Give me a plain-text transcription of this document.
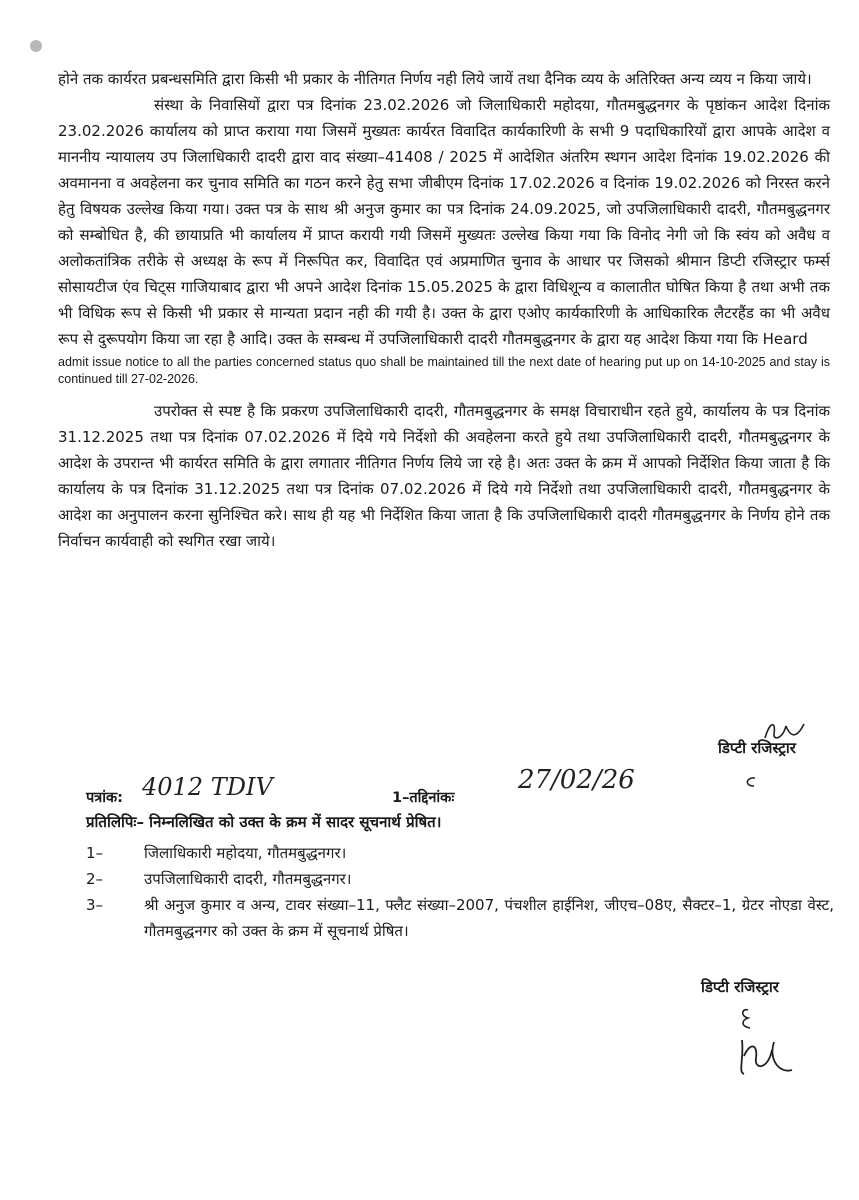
होने तक कार्यरत प्रबन्धसमिति द्वारा किसी भी प्रकार के नीतिगत निर्णय नही लिये जायें तथा दैनिक व्यय के अतिरिक्त अन्य व्यय न किया जाये।

संस्था के निवासियों द्वारा पत्र दिनांक 23.02.2026 जो जिलाधिकारी महोदया, गौतमबुद्धनगर के पृष्ठांकन आदेश दिनांक 23.02.2026 कार्यालय को प्राप्त कराया गया जिसमें मुख्यतः कार्यरत विवादित कार्यकारिणी के सभी 9 पदाधिकारियों द्वारा आपके आदेश व माननीय न्यायालय उप जिलाधिकारी दादरी द्वारा वाद संख्या–41408 / 2025 में आदेशित अंतरिम स्थगन आदेश दिनांक 19.02.2026 की अवमानना व अवहेलना कर चुनाव समिति का गठन करने हेतु सभा जीबीएम दिनांक 17.02.2026 व दिनांक 19.02.2026 को निरस्त करने हेतु विषयक उल्लेख किया गया। उक्त पत्र के साथ श्री अनुज कुमार का पत्र दिनांक 24.09.2025, जो उपजिलाधिकारी दादरी, गौतमबुद्धनगर को सम्बोधित है, की छायाप्रति भी कार्यालय में प्राप्त करायी गयी जिसमें मुख्यतः उल्लेख किया गया कि विनोद नेगी जो कि स्वंय को अवैध व अलोकतांत्रिक तरीके से अध्यक्ष के रूप में निरूपित कर, विवादित एवं अप्रमाणित चुनाव के आधार पर जिसको श्रीमान डिप्टी रजिस्ट्रार फर्म्स सोसायटीज एंव चिट्स गाजियाबाद द्वारा भी अपने आदेश दिनांक 15.05.2025 के द्वारा विधिशून्य व कालातीत घोषित किया है तथा अभी तक भी विधिक रूप से किसी भी प्रकार से मान्यता प्रदान नही की गयी है। उक्त के द्वारा एओए कार्यकारिणी के आधिकारिक लैटरहैंड का भी अवैध रूप से दुरूपयोग किया जा रहा है आदि। उक्त के सम्बन्ध में उपजिलाधिकारी दादरी गौतमबुद्धनगर के द्वारा यह आदेश किया गया कि Heard

admit issue notice to all the parties concerned status quo shall be maintained till the next date of hearing put up on 14-10-2025 and stay is continued till 27-02-2026.

उपरोक्त से स्पष्ट है कि प्रकरण उपजिलाधिकारी दादरी, गौतमबुद्धनगर के समक्ष विचाराधीन रहते हुये, कार्यालय के पत्र दिनांक 31.12.2025 तथा पत्र दिनांक 07.02.2026 में दिये गये निर्देशो की अवहेलना करते हुये तथा उपजिलाधिकारी दादरी, गौतमबुद्धनगर के आदेश के उपरान्त भी कार्यरत समिति के द्वारा लगातार नीतिगत निर्णय लिये जा रहे है। अतः उक्त के क्रम में आपको निर्देशित किया जाता है कि कार्यालय के पत्र दिनांक 31.12.2025 तथा पत्र दिनांक 07.02.2026 में दिये गये निर्देशो तथा उपजिलाधिकारी दादरी, गौतमबुद्धनगर के आदेश का अनुपालन करना सुनिश्चित करे। साथ ही यह भी निर्देशित किया जाता है कि उपजिलाधिकारी दादरी गौतमबुद्धनगर के निर्णय होने तक निर्वाचन कार्यवाही को स्थगित रखा जाये।

डिप्टी रजिस्ट्रार
पत्रांक: 4012 TDIV	1–तद्दिनांकः
27/02/26
प्रतिलिपिः– निम्नलिखित को उक्त के क्रम में सादर सूचनार्थ प्रेषित।
1–	जिलाधिकारी महोदया, गौतमबुद्धनगर।
2–	उपजिलाधिकारी दादरी, गौतमबुद्धनगर।
3–	श्री अनुज कुमार व अन्य, टावर संख्या–11, फ्लैट संख्या–2007, पंचशील हाईनिश, जीएच–08ए, सैक्टर–1, ग्रेटर नोएडा वेस्ट, गौतमबुद्धनगर को उक्त के क्रम में सूचनार्थ प्रेषित।
डिप्टी रजिस्ट्रार
